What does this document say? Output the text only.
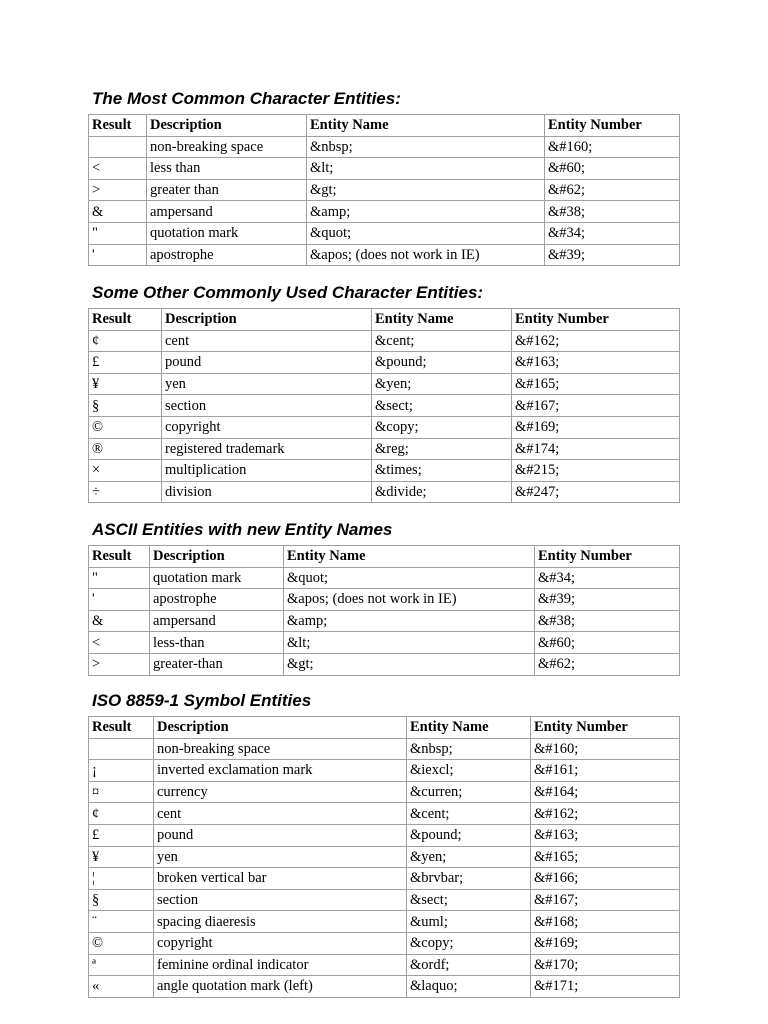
The Most Common Character Entities:
Result	Description	Entity Name	Entity Number
	non-breaking space	&nbsp;	&#160;
<	less than	&lt;	&#60;
>	greater than	&gt;	&#62;
&	ampersand	&amp;	&#38;
"	quotation mark	&quot;	&#34;
'	apostrophe	&apos; (does not work in IE)	&#39;
Some Other Commonly Used Character Entities:
Result	Description	Entity Name	Entity Number
¢	cent	&cent;	&#162;
£	pound	&pound;	&#163;
¥	yen	&yen;	&#165;
§	section	&sect;	&#167;
©	copyright	&copy;	&#169;
®	registered trademark	&reg;	&#174;
×	multiplication	&times;	&#215;
÷	division	&divide;	&#247;
ASCII Entities with new Entity Names
Result	Description	Entity Name	Entity Number
"	quotation mark	&quot;	&#34;
'	apostrophe	&apos; (does not work in IE)	&#39;
&	ampersand	&amp;	&#38;
<	less-than	&lt;	&#60;
>	greater-than	&gt;	&#62;
ISO 8859-1 Symbol Entities
Result	Description	Entity Name	Entity Number
	non-breaking space	&nbsp;	&#160;
¡	inverted exclamation mark	&iexcl;	&#161;
¤	currency	&curren;	&#164;
¢	cent	&cent;	&#162;
£	pound	&pound;	&#163;
¥	yen	&yen;	&#165;
¦	broken vertical bar	&brvbar;	&#166;
§	section	&sect;	&#167;
¨	spacing diaeresis	&uml;	&#168;
©	copyright	&copy;	&#169;
ª	feminine ordinal indicator	&ordf;	&#170;
«	angle quotation mark (left)	&laquo;	&#171;
